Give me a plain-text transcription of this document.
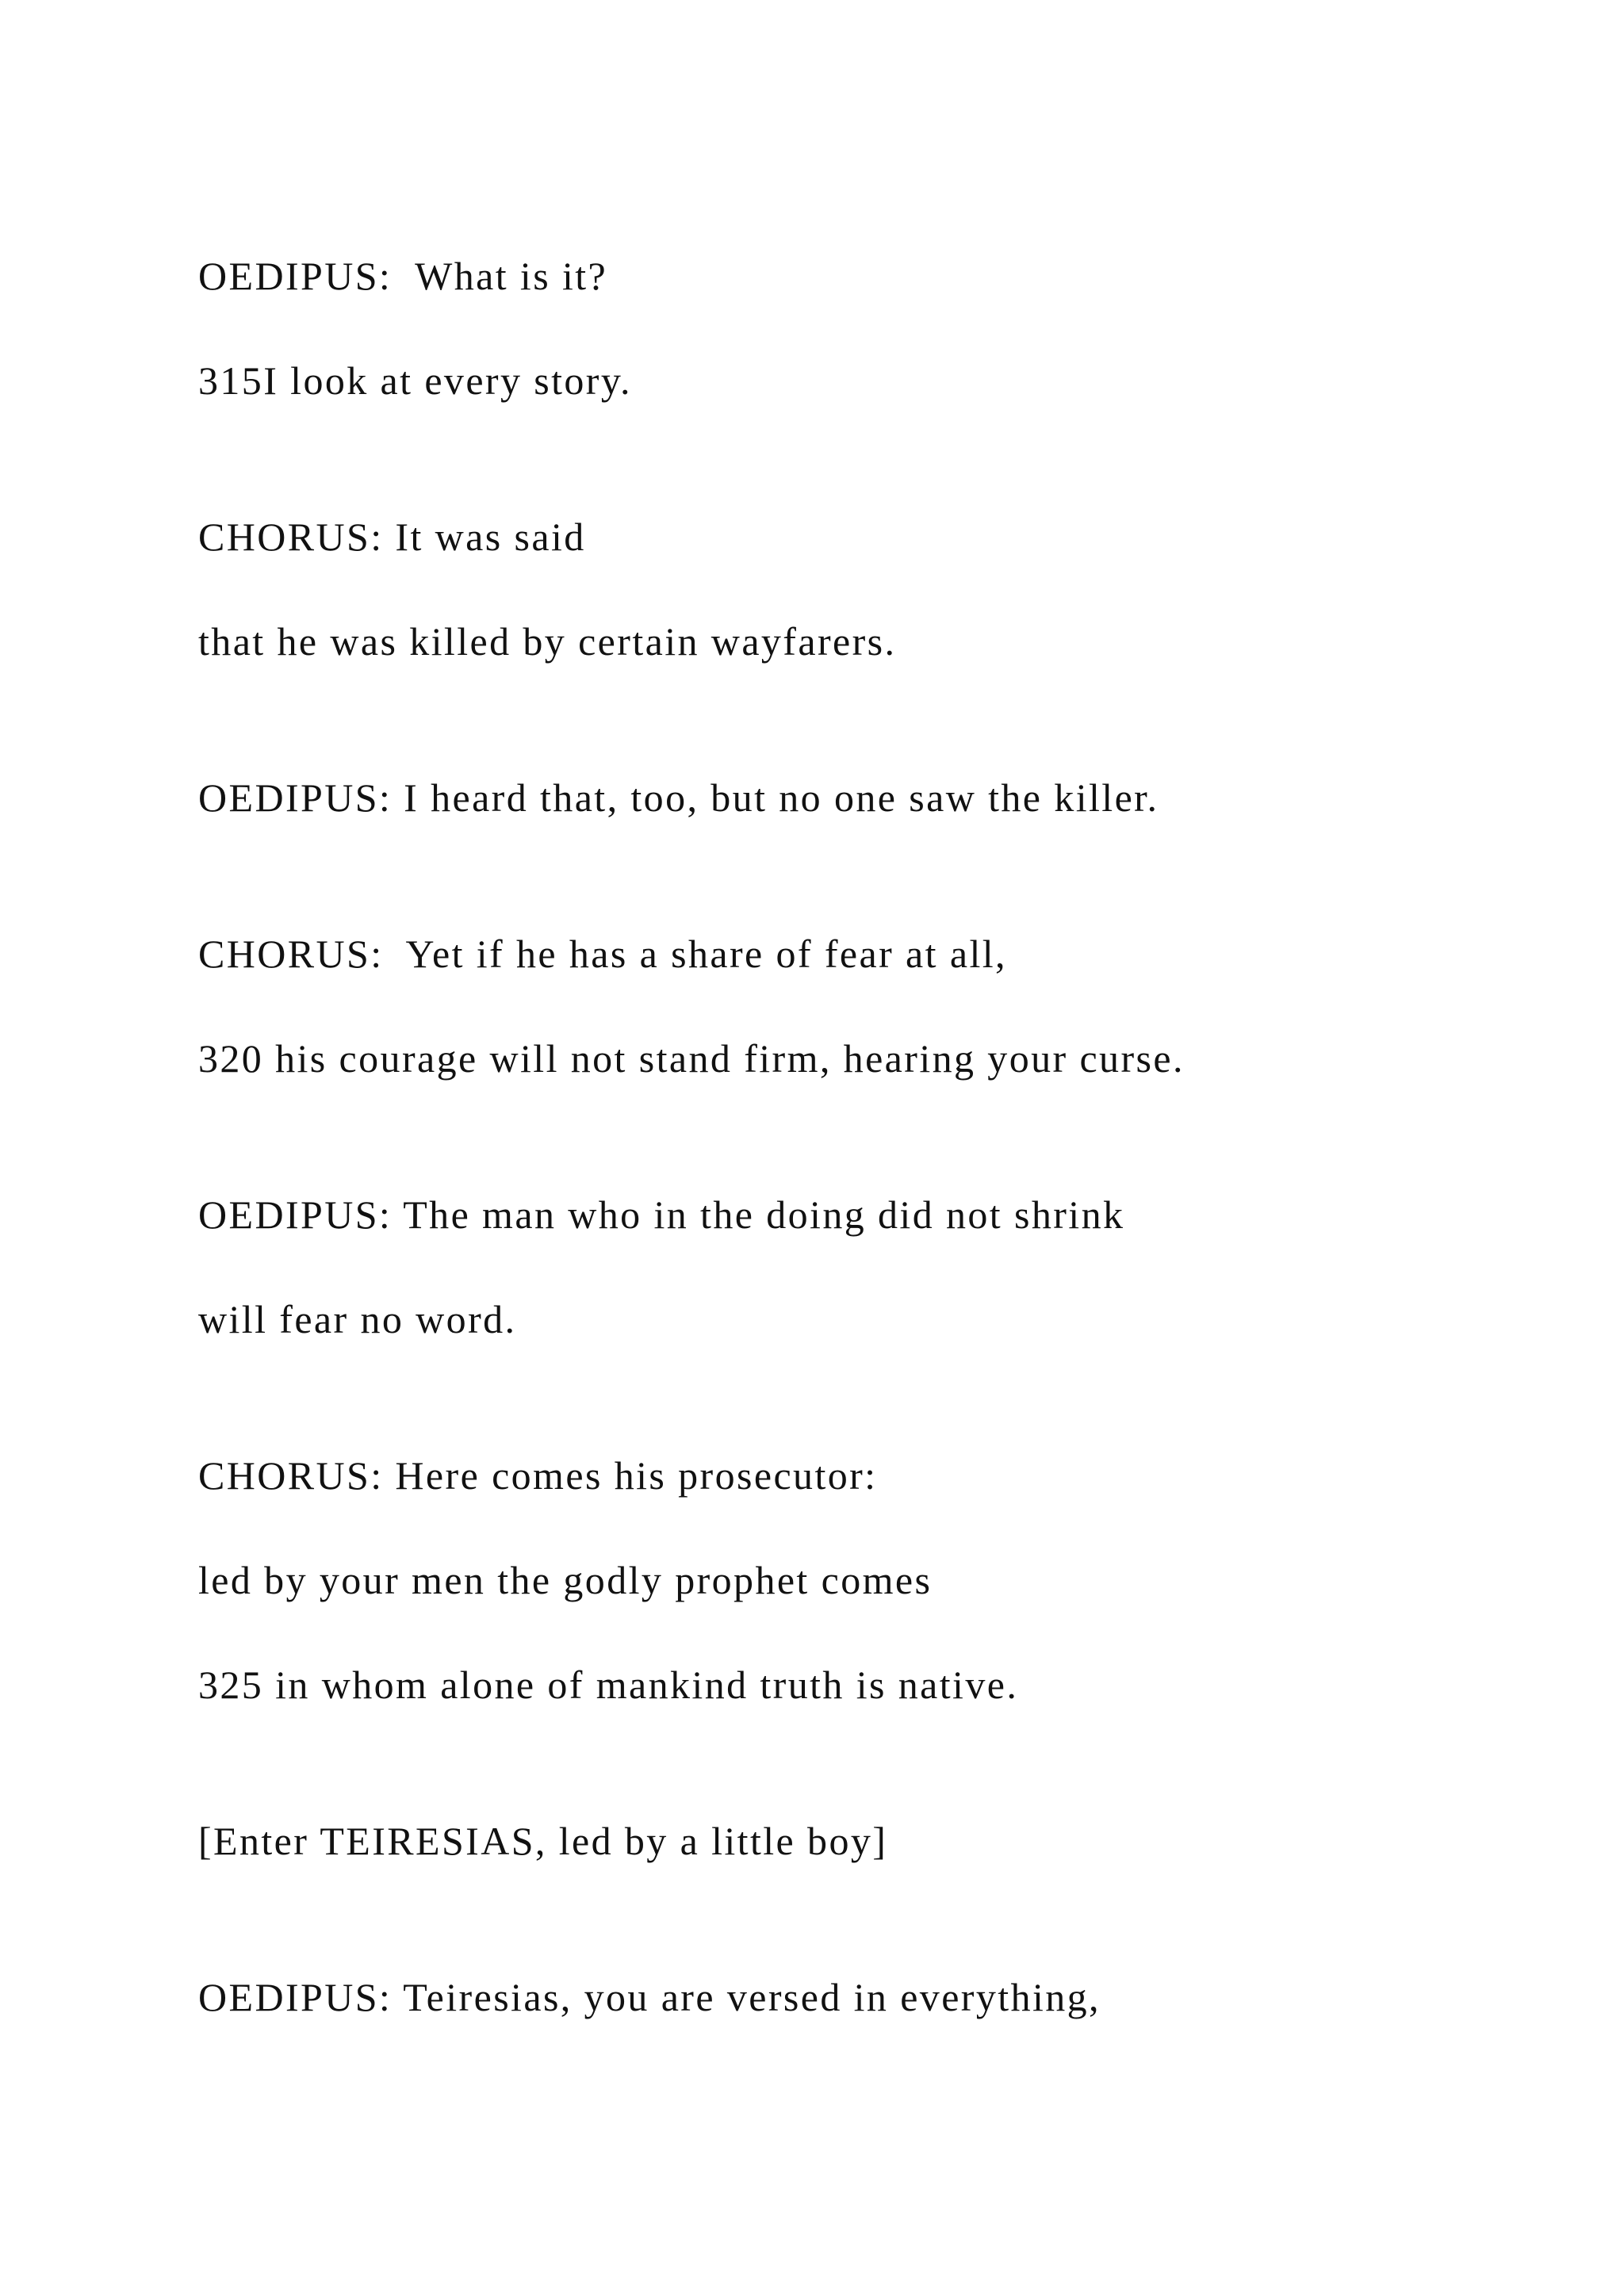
OEDIPUS:  What is it?

315I look at every story.

CHORUS: It was said

that he was killed by certain wayfarers.

OEDIPUS: I heard that, too, but no one saw the killer.

CHORUS:  Yet if he has a share of fear at all,

320 his courage will not stand firm, hearing your curse.

OEDIPUS: The man who in the doing did not shrink

will fear no word.

CHORUS: Here comes his prosecutor:

led by your men the godly prophet comes

325 in whom alone of mankind truth is native.

[Enter TEIRESIAS, led by a little boy]

OEDIPUS: Teiresias, you are versed in everything,
